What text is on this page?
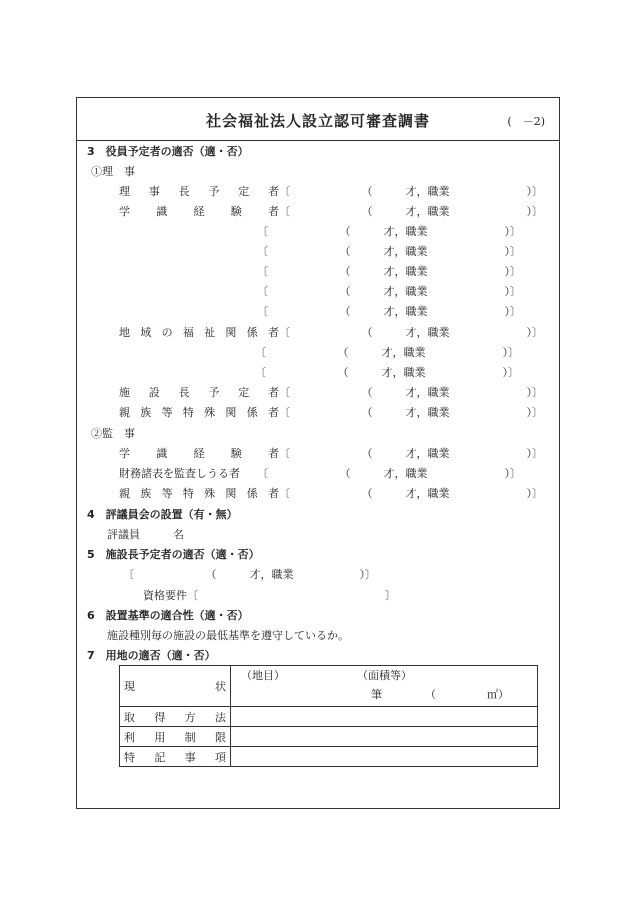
社会福祉法人設立認可審査調書	(　－2)
3　役員予定者の適否（適・否）
①理　事
理事長予定者 〔　　　　　　　（　　　才，職業　　　　　　　）〕
学識経験者 〔　　　　　　　（　　　才，職業　　　　　　　）〕
〔　　　　　　　（　　　才，職業　　　　　　　）〕
〔　　　　　　　（　　　才，職業　　　　　　　）〕
〔　　　　　　　（　　　才，職業　　　　　　　）〕
〔　　　　　　　（　　　才，職業　　　　　　　）〕
〔　　　　　　　（　　　才，職業　　　　　　　）〕
地域の福祉関係者 〔　　　　　　　（　　　才，職業　　　　　　　）〕
〔　　　　　　　（　　　才，職業　　　　　　　）〕
〔　　　　　　　（　　　才，職業　　　　　　　）〕
施設長予定者 〔　　　　　　　（　　　才，職業　　　　　　　）〕
親族等特殊関係者 〔　　　　　　　（　　　才，職業　　　　　　　）〕
②監　事
学識経験者 〔　　　　　　　（　　　才，職業　　　　　　　）〕
財務諸表を監査しうる者 〔　　　　　　　（　　　才，職業　　　　　　　）〕
親族等特殊関係者 〔　　　　　　　（　　　才，職業　　　　　　　）〕
4　評議員会の設置（有・無）
評議員　　　名
5　施設長予定者の適否（適・否）
〔　　　　　　　（　　　才，職業　　　　　　）〕
資格要件〔　　　　　　　　　　　　　　　　　〕
6　設置基準の適合性（適・否）
施設種別毎の施設の最低基準を遵守しているか。
7　用地の適否（適・否）
現状	（地目） （面積等）
筆 （ ㎡）

取得方法	

利用制限	

特記事項	
